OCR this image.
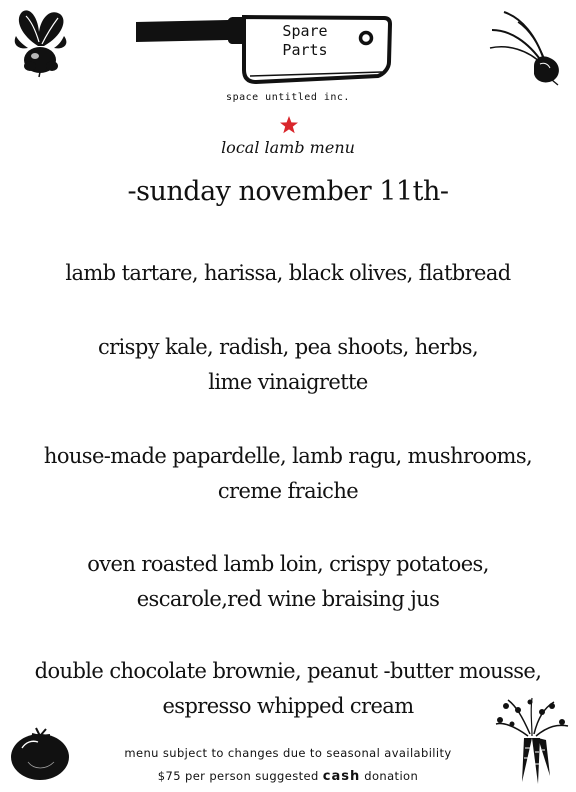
Spare
Parts
space untitled inc.
local lamb menu
-sunday november 11th-
lamb tartare, harissa, black olives, flatbread
crispy kale, radish, pea shoots, herbs,
lime vinaigrette
house-made papardelle, lamb ragu, mushrooms,
creme fraiche
oven roasted lamb loin, crispy potatoes,
escarole,red wine braising jus
double chocolate brownie, peanut -butter mousse,
espresso whipped cream
menu subject to changes due to seasonal availability
$75 per person suggested cash donation
